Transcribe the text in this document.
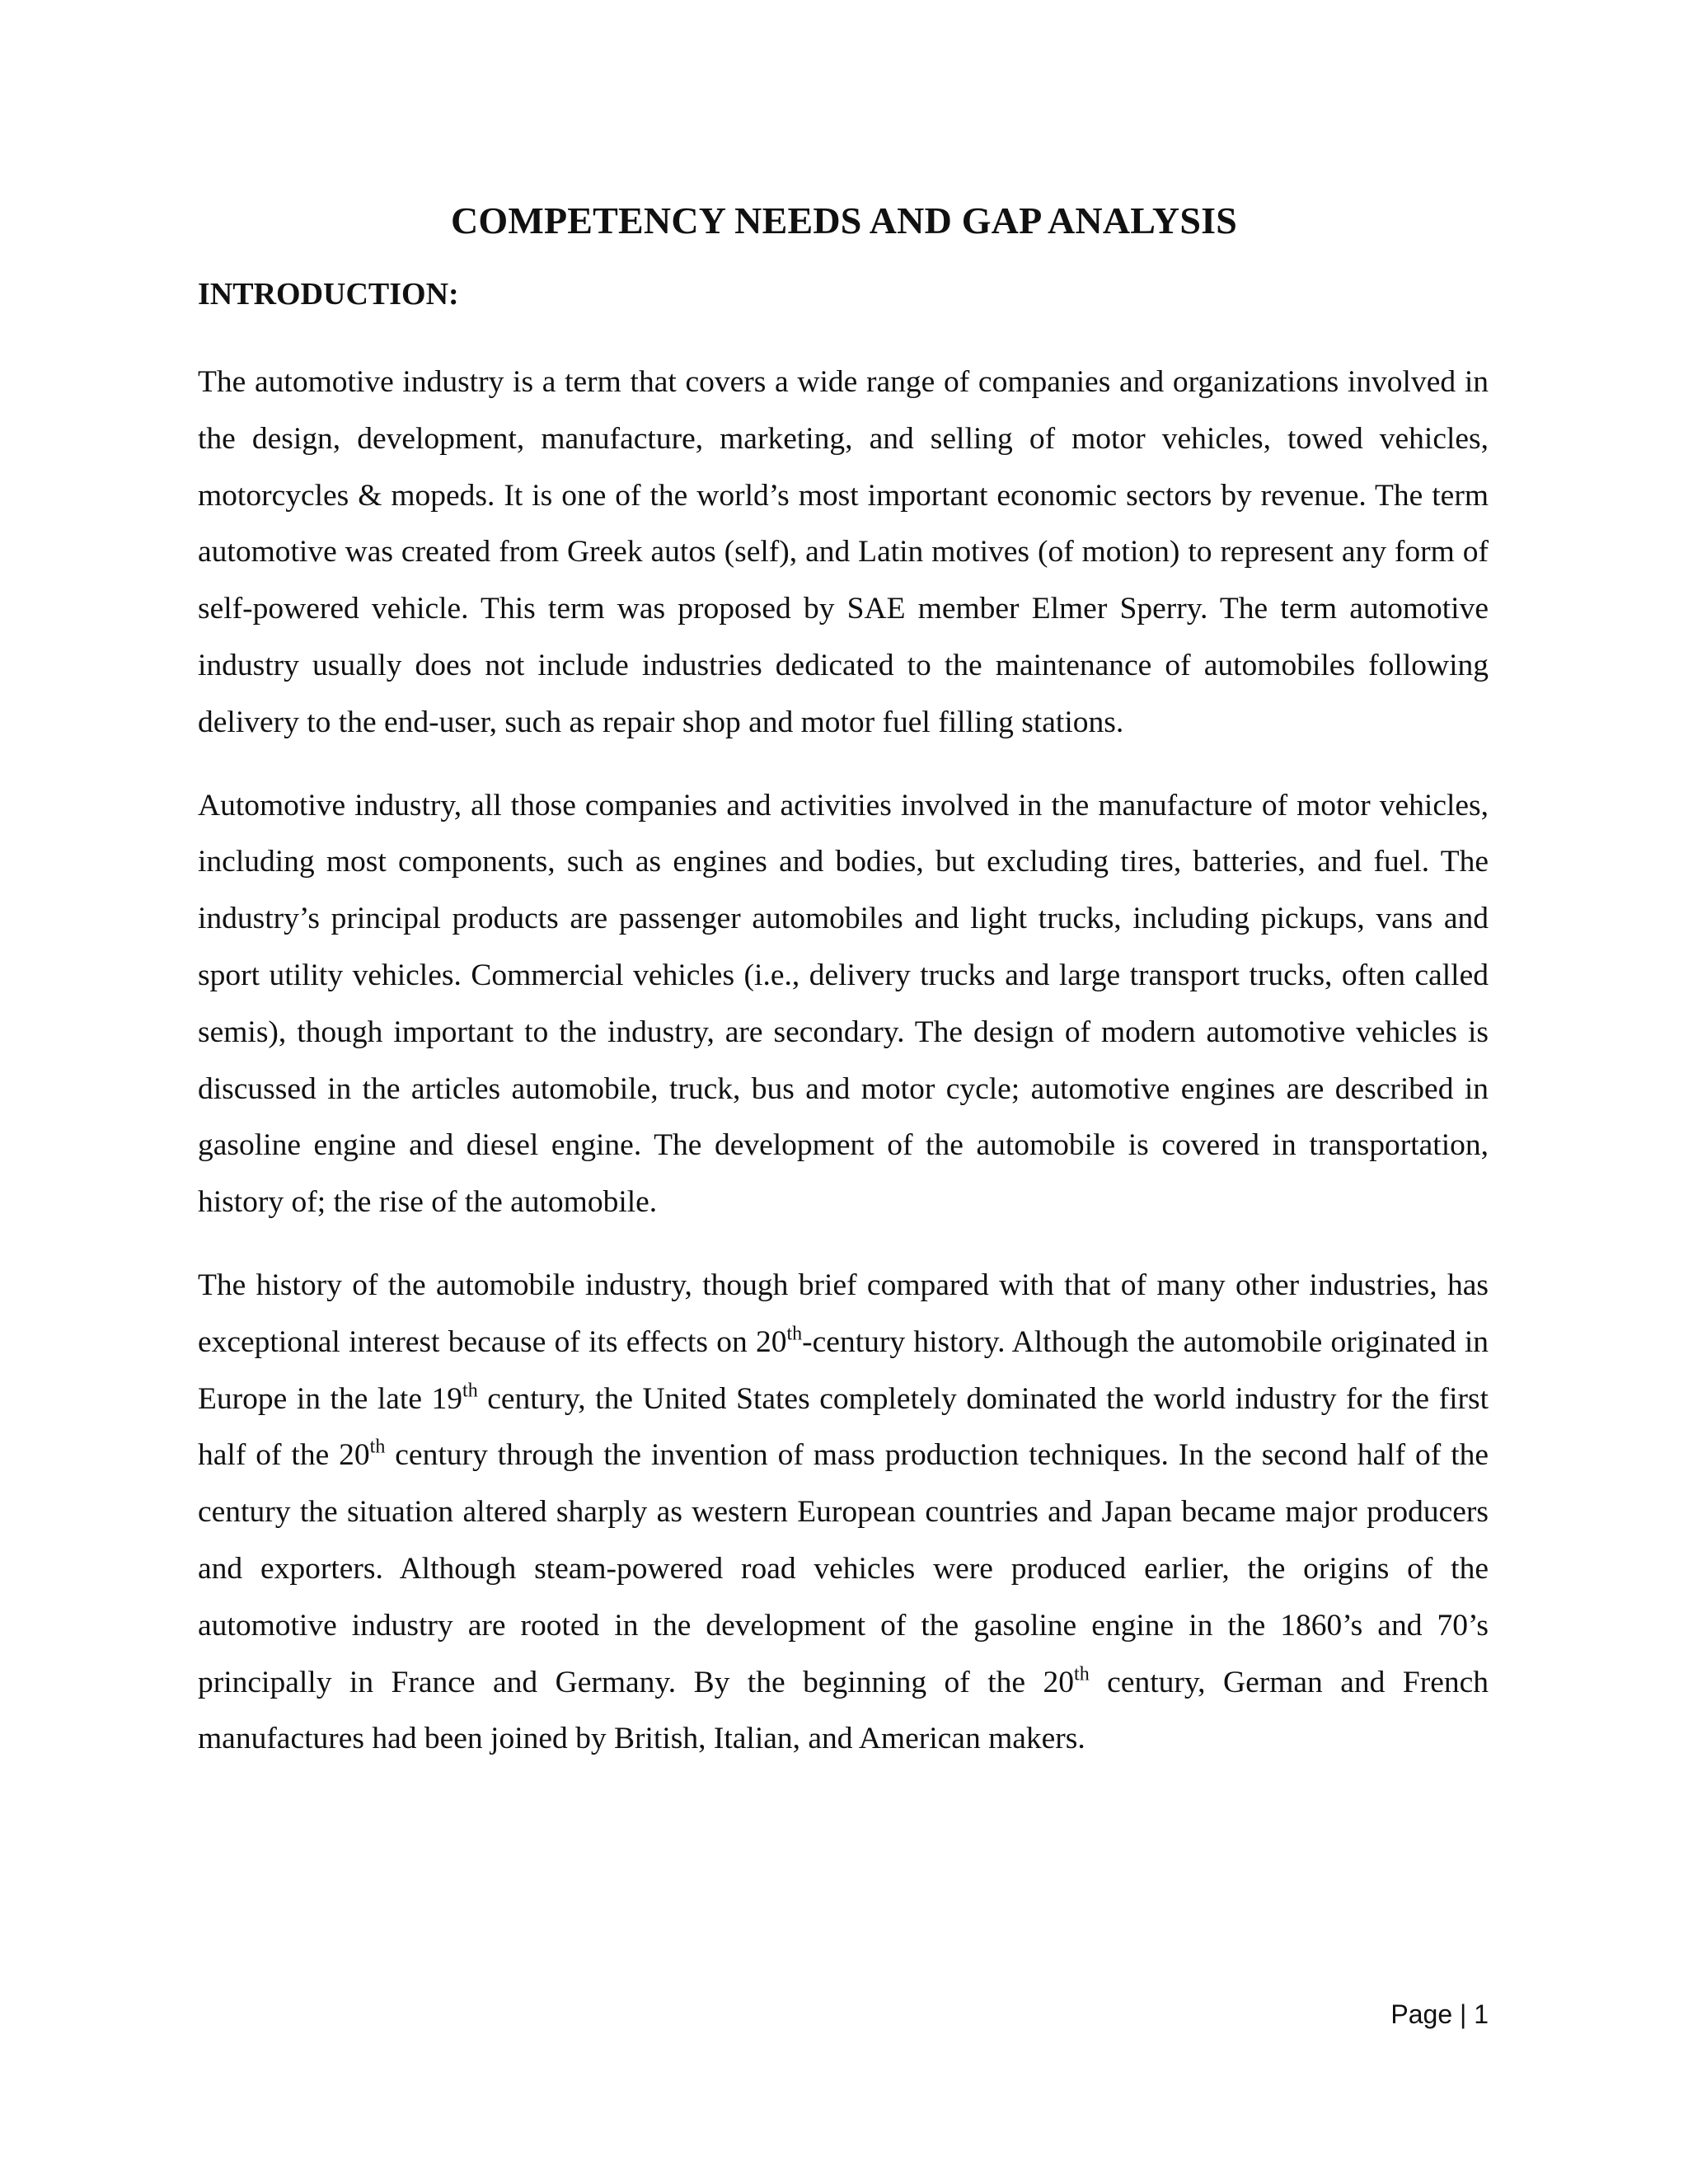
COMPETENCY NEEDS AND GAP ANALYSIS
INTRODUCTION:

The automotive industry is a term that covers a wide range of companies and organizations involved in the design, development, manufacture, marketing, and selling of motor vehicles, towed vehicles, motorcycles & mopeds. It is one of the world’s most important economic sectors by revenue. The term automotive was created from Greek autos (self), and Latin motives (of motion) to represent any form of self-powered vehicle. This term was proposed by SAE member Elmer Sperry. The term automotive industry usually does not include industries dedicated to the maintenance of automobiles following delivery to the end-user, such as repair shop and motor fuel filling stations.

Automotive industry, all those companies and activities involved in the manufacture of motor vehicles, including most components, such as engines and bodies, but excluding tires, batteries, and fuel. The industry’s principal products are passenger automobiles and light trucks, including pickups, vans and sport utility vehicles. Commercial vehicles (i.e., delivery trucks and large transport trucks, often called semis), though important to the industry, are secondary. The design of modern automotive vehicles is discussed in the articles automobile, truck, bus and motor cycle; automotive engines are described in gasoline engine and diesel engine. The development of the automobile is covered in transportation, history of; the rise of the automobile.

The history of the automobile industry, though brief compared with that of many other industries, has exceptional interest because of its effects on 20th-century history. Although the automobile originated in Europe in the late 19th century, the United States completely dominated the world industry for the first half of the 20th century through the invention of mass production techniques. In the second half of the century the situation altered sharply as western European countries and Japan became major producers and exporters. Although steam-powered road vehicles were produced earlier, the origins of the automotive industry are rooted in the development of the gasoline engine in the 1860’s and 70’s principally in France and Germany. By the beginning of the 20th century, German and French manufactures had been joined by British, Italian, and American makers.

Page | 1
